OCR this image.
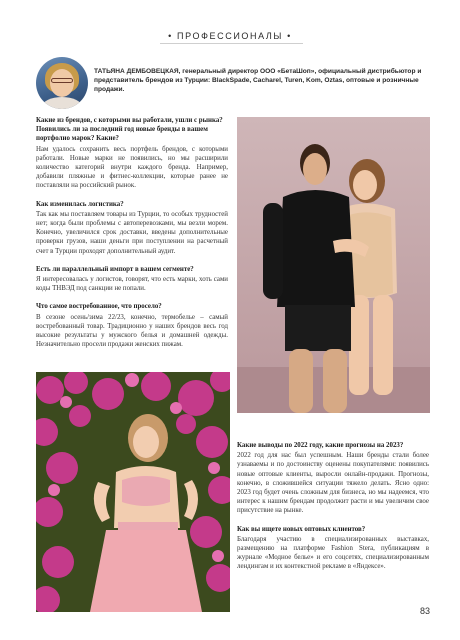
• ПРОФЕССИОНАЛЫ •
ТАТЬЯНА ДЕМБОВЕЦКАЯ, генеральный директор ООО «БетаШоп», официальный дистрибьютор и представитель брендов из Турции: BlackSpade, Cacharel, Turen, Kom, Oztas, оптовые и розничные продажи.

Какие из брендов, с которыми вы работали, ушли с рынка? Появились ли за последний год новые бренды в вашем портфолио марок? Какие?

Нам удалось сохранить весь портфель брендов, с которыми работали. Новые марки не появились, но мы расширили количество категорий внутри каждого бренда. Например, добавили пляжные и фитнес-коллекции, которые ранее не поставляли на российский рынок.

Как изменилась логистика?

Так как мы поставляем товары из Турции, то особых трудностей нет; когда были проблемы с автоперевозками, мы везли морем. Конечно, увеличился срок доставки, введены дополнительные проверки грузов, наши деньги при поступлении на расчетный счет в Турции проходят дополнительный аудит.

Есть ли параллельный импорт в вашем сегменте?

Я интересовалась у логистов, говорят, что есть марки, хоть сами коды ТНВЭД под санкции не попали.

Что самое востребованное, что просело?

В сезоне осень/зима 22/23, конечно, термобелье – самый востребованный товар. Традиционно у наших брендов весь год высокие результаты у мужского белья и домашней одежды. Незначительно просели продажи женских пижам.

Какие выводы по 2022 году, какие прогнозы на 2023?

2022 год для нас был успешным. Наши бренды стали более узнаваемы и по достоинству оценены покупателями: появились новые оптовые клиенты, выросли онлайн-продажи. Прогнозы, конечно, в сложившейся ситуации тяжело делать. Ясно одно: 2023 год будет очень сложным для бизнеса, но мы надеемся, что интерес к нашим брендам продолжит расти и мы увеличим свое присутствие на рынке.

Как вы ищете новых оптовых клиентов?

Благодаря участию в специализированных выставках, размещению на платформе Fashion Stera, публикациям в журнале «Модное белье» и его соцсетях, специализированным лендингам и их контекстной рекламе в «Яндексе».

83
